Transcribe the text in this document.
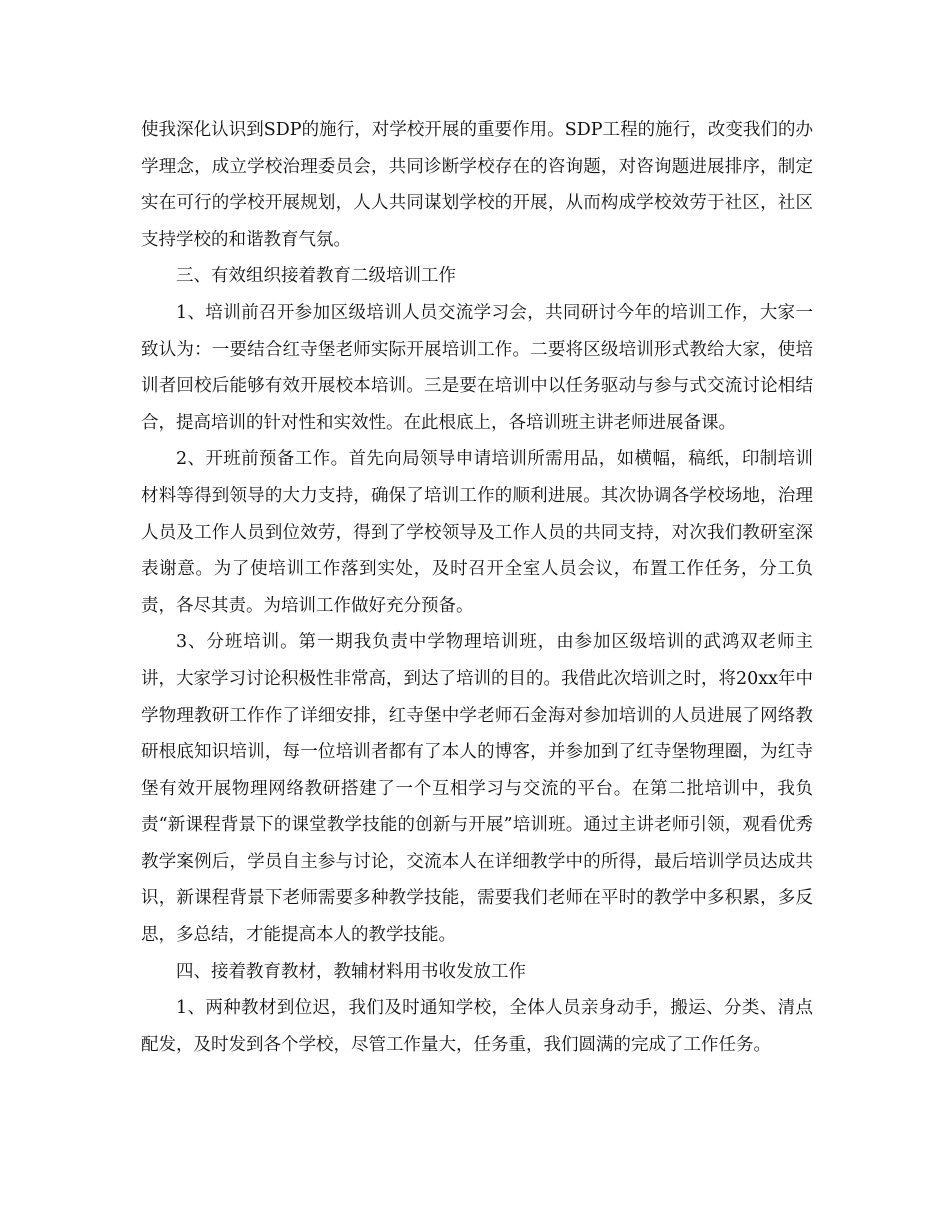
使我深化认识到SDP的施行，对学校开展的重要作用。SDP工程的施行，改变我们的办学理念，成立学校治理委员会，共同诊断学校存在的咨询题，对咨询题进展排序，制定实在可行的学校开展规划，人人共同谋划学校的开展，从而构成学校效劳于社区，社区支持学校的和谐教育气氛。

三、有效组织接着教育二级培训工作

1、培训前召开参加区级培训人员交流学习会，共同研讨今年的培训工作，大家一致认为：一要结合红寺堡老师实际开展培训工作。二要将区级培训形式教给大家，使培训者回校后能够有效开展校本培训。三是要在培训中以任务驱动与参与式交流讨论相结合，提高培训的针对性和实效性。在此根底上，各培训班主讲老师进展备课。

2、开班前预备工作。首先向局领导申请培训所需用品，如横幅，稿纸，印制培训材料等得到领导的大力支持，确保了培训工作的顺利进展。其次协调各学校场地，治理人员及工作人员到位效劳，得到了学校领导及工作人员的共同支持，对次我们教研室深表谢意。为了使培训工作落到实处，及时召开全室人员会议，布置工作任务，分工负责，各尽其责。为培训工作做好充分预备。

3、分班培训。第一期我负责中学物理培训班，由参加区级培训的武鸿双老师主讲，大家学习讨论积极性非常高，到达了培训的目的。我借此次培训之时，将20xx年中学物理教研工作作了详细安排，红寺堡中学老师石金海对参加培训的人员进展了网络教研根底知识培训，每一位培训者都有了本人的博客，并参加到了红寺堡物理圈，为红寺堡有效开展物理网络教研搭建了一个互相学习与交流的平台。在第二批培训中，我负责“新课程背景下的课堂教学技能的创新与开展”培训班。通过主讲老师引领，观看优秀教学案例后，学员自主参与讨论，交流本人在详细教学中的所得，最后培训学员达成共识，新课程背景下老师需要多种教学技能，需要我们老师在平时的教学中多积累，多反思，多总结，才能提高本人的教学技能。

四、接着教育教材，教辅材料用书收发放工作

1、两种教材到位迟，我们及时通知学校，全体人员亲身动手，搬运、分类、清点配发，及时发到各个学校，尽管工作量大，任务重，我们圆满的完成了工作任务。
